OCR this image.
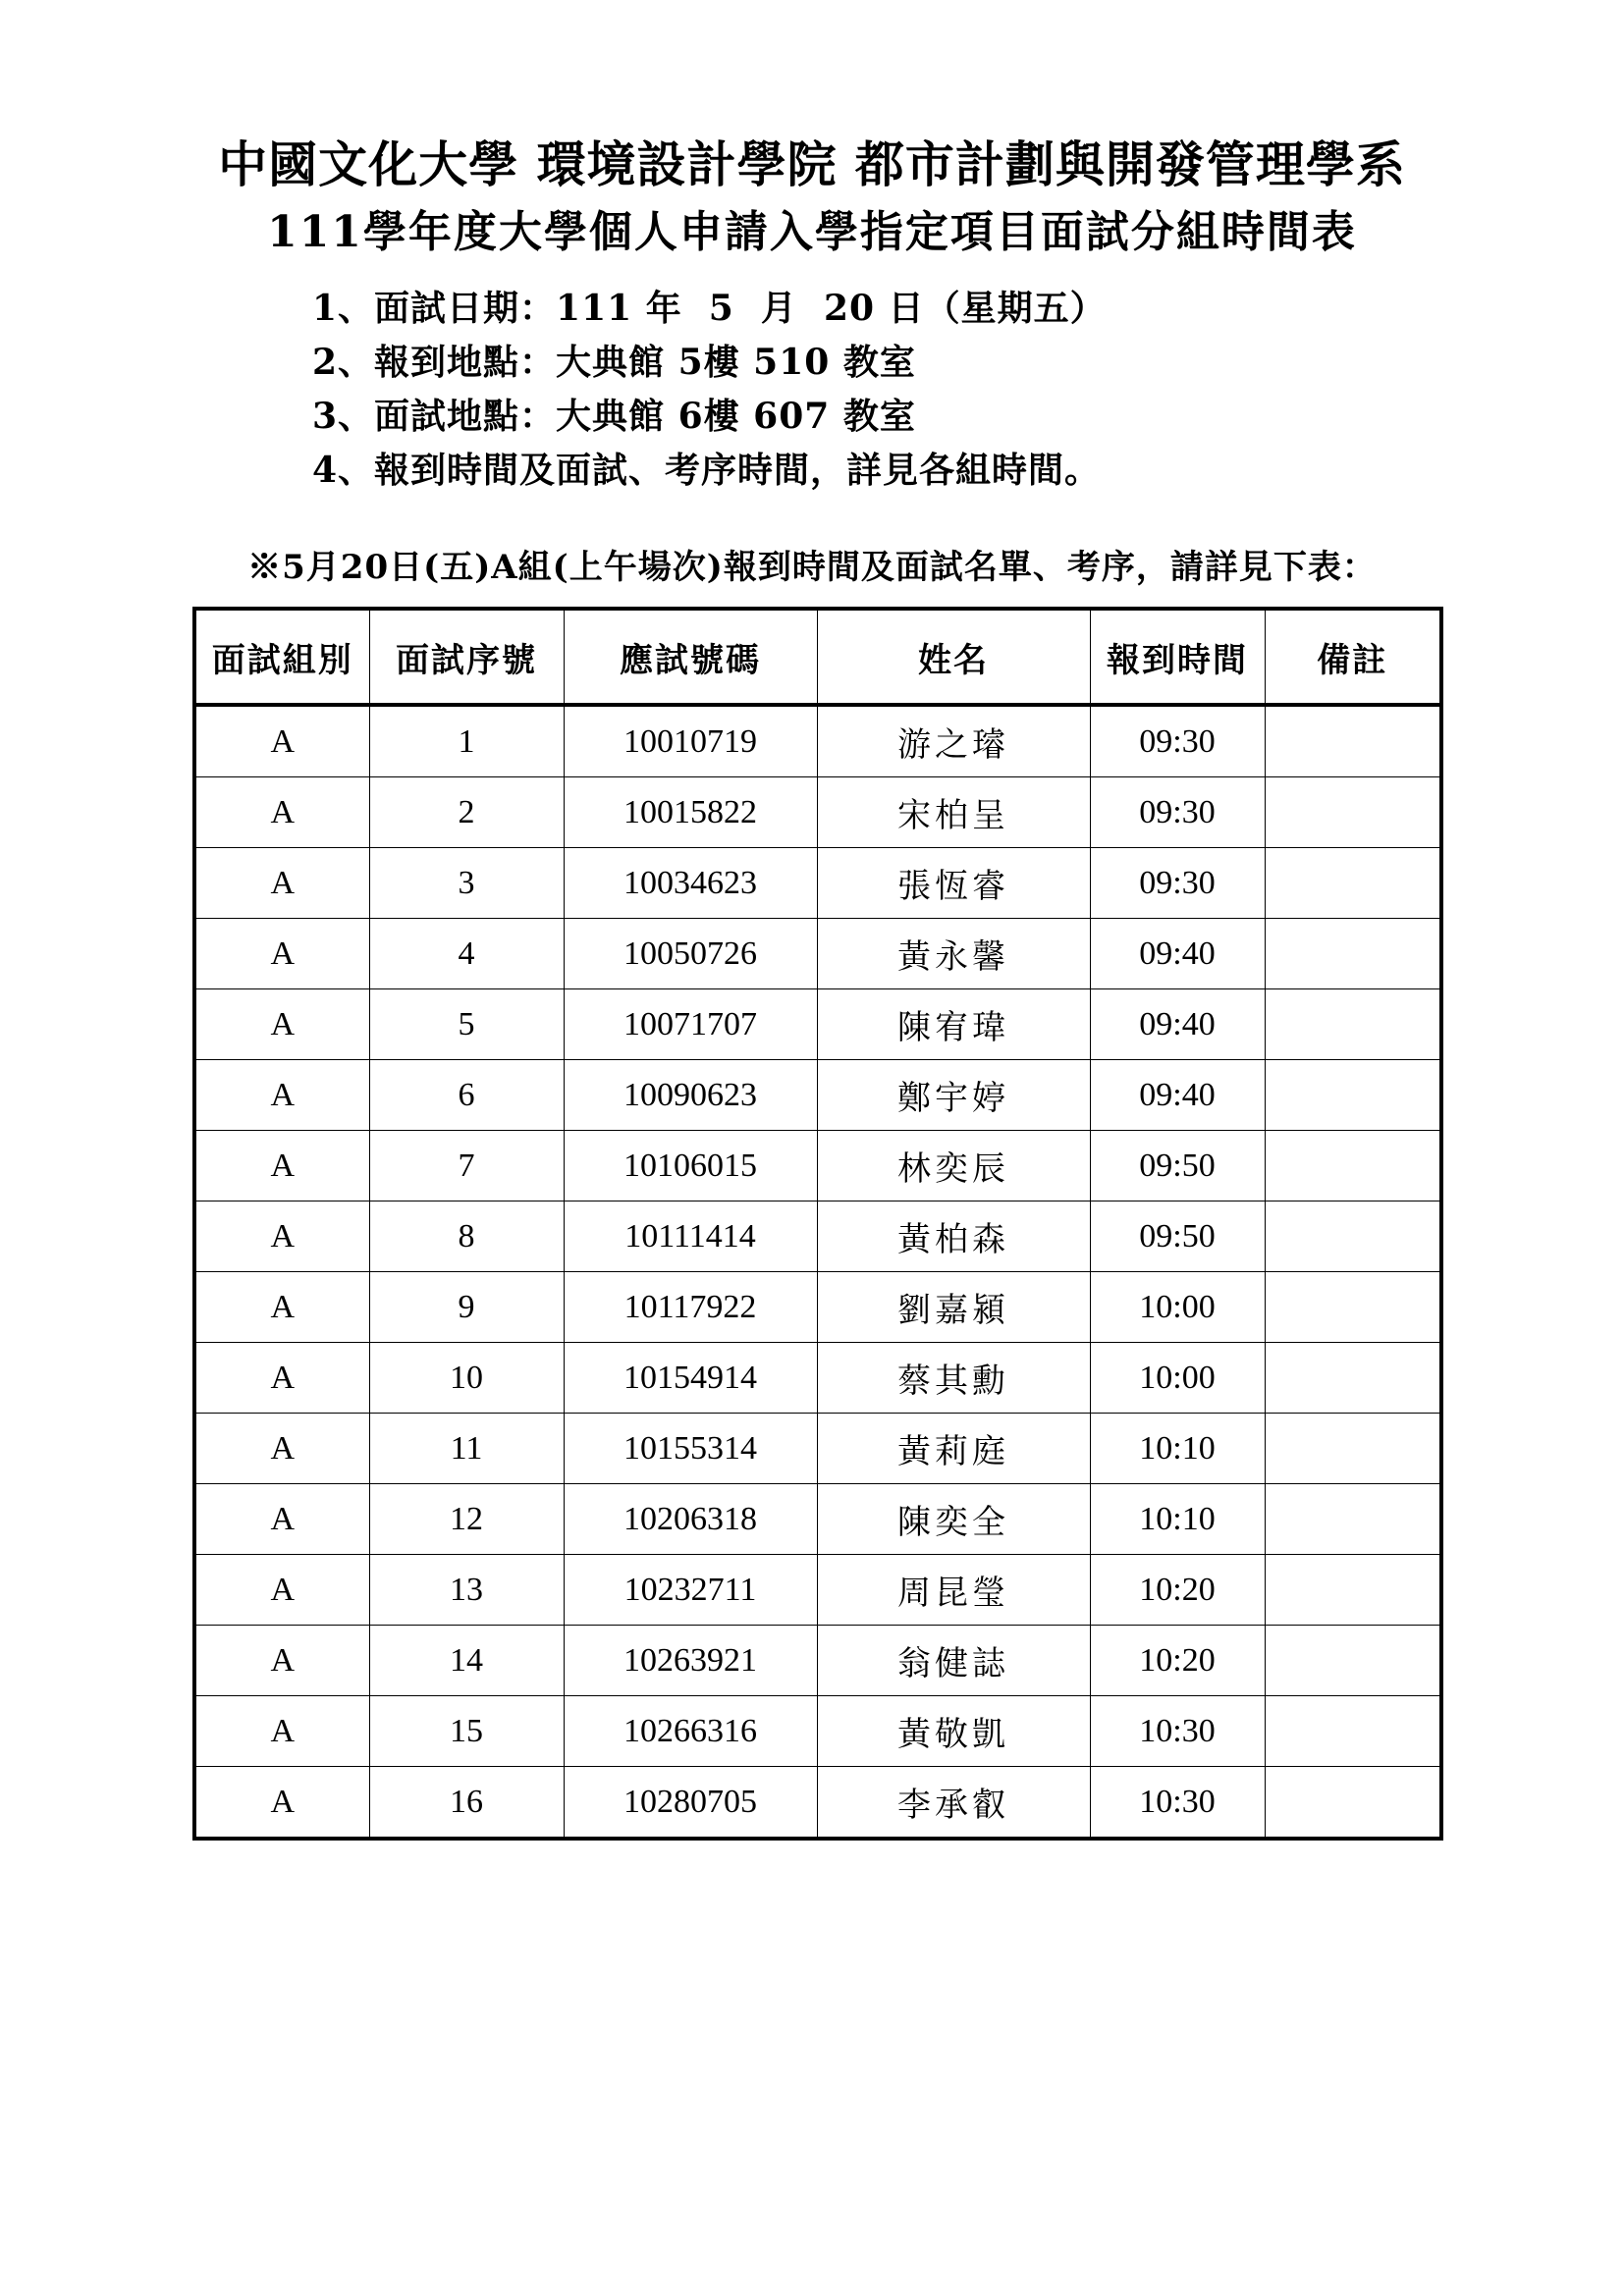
中國文化大學 環境設計學院 都市計劃與開發管理學系
111學年度大學個人申請入學指定項目面試分組時間表
1、面試日期：111 年  5  月  20 日（星期五）
2、報到地點：大典館 5樓 510 教室
3、面試地點：大典館 6樓 607 教室
4、報到時間及面試、考序時間，詳見各組時間。
※5月20日(五)A組(上午場次)報到時間及面試名單、考序，請詳見下表：
面試組別	面試序號	應試號碼	姓名	報到時間	備註
A	1	10010719	游之璿	09:30	
A	2	10015822	宋柏呈	09:30	
A	3	10034623	張恆睿	09:30	
A	4	10050726	黃永馨	09:40	
A	5	10071707	陳宥瑋	09:40	
A	6	10090623	鄭宇婷	09:40	
A	7	10106015	林奕辰	09:50	
A	8	10111414	黃柏森	09:50	
A	9	10117922	劉嘉潁	10:00	
A	10	10154914	蔡其勳	10:00	
A	11	10155314	黃莉庭	10:10	
A	12	10206318	陳奕全	10:10	
A	13	10232711	周昆瑩	10:20	
A	14	10263921	翁健誌	10:20	
A	15	10266316	黃敬凱	10:30	
A	16	10280705	李承叡	10:30	
